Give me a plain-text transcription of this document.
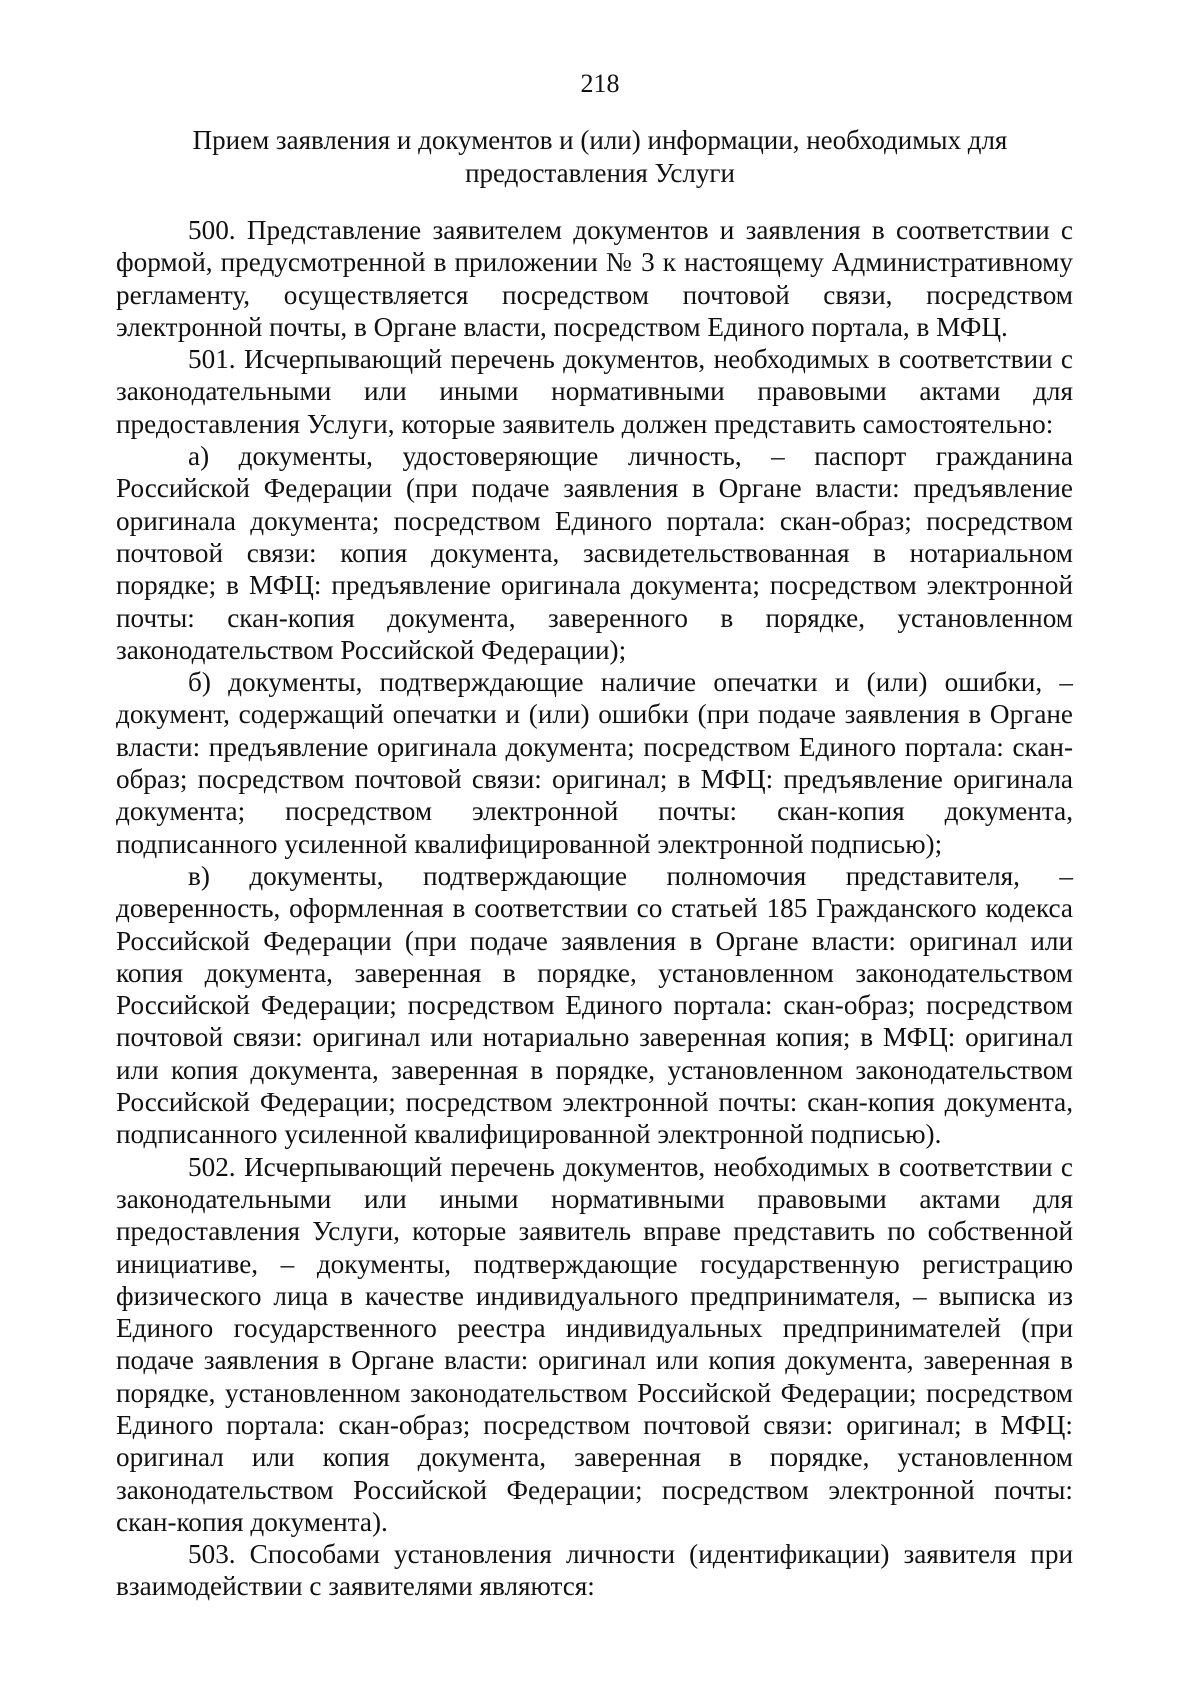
218
Прием заявления и документов и (или) информации, необходимых для
предоставления Услуги

500. Представление заявителем документов и заявления в соответствии с формой, предусмотренной в приложении № 3 к настоящему Административному регламенту, осуществляется посредством почтовой связи, посредством электронной почты, в Органе власти, посредством Единого портала, в МФЦ.

501. Исчерпывающий перечень документов, необходимых в соответствии с законодательными или иными нормативными правовыми актами для предоставления Услуги, которые заявитель должен представить самостоятельно:

а) документы, удостоверяющие личность, – паспорт гражданина Российской Федерации (при подаче заявления в Органе власти: предъявление оригинала документа; посредством Единого портала: скан-образ; посредством почтовой связи: копия документа, засвидетельствованная в нотариальном порядке; в МФЦ: предъявление оригинала документа; посредством электронной почты: скан-копия документа, заверенного в порядке, установленном законодательством Российской Федерации);

б) документы, подтверждающие наличие опечатки и (или) ошибки, – документ, содержащий опечатки и (или) ошибки (при подаче заявления в Органе власти: предъявление оригинала документа; посредством Единого портала: скан-образ; посредством почтовой связи: оригинал; в МФЦ: предъявление оригинала документа; посредством электронной почты: скан-копия документа, подписанного усиленной квалифицированной электронной подписью);

в) документы, подтверждающие полномочия представителя, – доверенность, оформленная в соответствии со статьей 185 Гражданского кодекса Российской Федерации (при подаче заявления в Органе власти: оригинал или копия документа, заверенная в порядке, установленном законодательством Российской Федерации; посредством Единого портала: скан-образ; посредством почтовой связи: оригинал или нотариально заверенная копия; в МФЦ: оригинал или копия документа, заверенная в порядке, установленном законодательством Российской Федерации; посредством электронной почты: скан-копия документа, подписанного усиленной квалифицированной электронной подписью).

502. Исчерпывающий перечень документов, необходимых в соответствии с законодательными или иными нормативными правовыми актами для предоставления Услуги, которые заявитель вправе представить по собственной инициативе, – документы, подтверждающие государственную регистрацию физического лица в качестве индивидуального предпринимателя, – выписка из Единого государственного реестра индивидуальных предпринимателей (при подаче заявления в Органе власти: оригинал или копия документа, заверенная в порядке, установленном законодательством Российской Федерации; посредством Единого портала: скан-образ; посредством почтовой связи: оригинал; в МФЦ: оригинал или копия документа, заверенная в порядке, установленном законодательством Российской Федерации; посредством электронной почты: скан-копия документа).

503. Способами установления личности (идентификации) заявителя при взаимодействии с заявителями являются:
